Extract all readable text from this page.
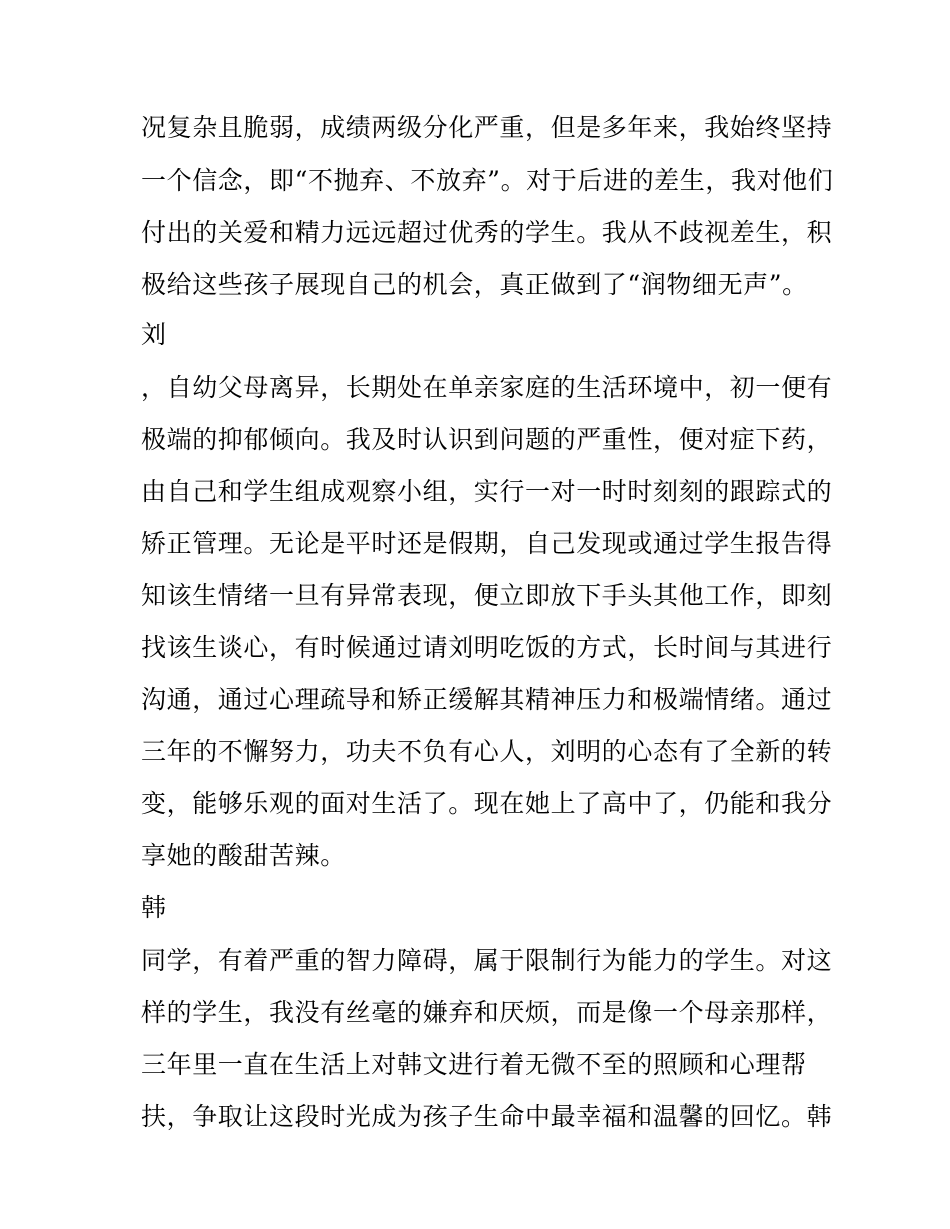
况复杂且脆弱，成绩两级分化严重，但是多年来，我始终坚持
一个信念，即“不抛弃、不放弃”。对于后进的差生，我对他们
付出的关爱和精力远远超过优秀的学生。我从不歧视差生，积
极给这些孩子展现自己的机会，真正做到了“润物细无声”。
刘
，自幼父母离异，长期处在单亲家庭的生活环境中，初一便有
极端的抑郁倾向。我及时认识到问题的严重性，便对症下药，
由自己和学生组成观察小组，实行一对一时时刻刻的跟踪式的
矫正管理。无论是平时还是假期，自己发现或通过学生报告得
知该生情绪一旦有异常表现，便立即放下手头其他工作，即刻
找该生谈心，有时候通过请刘明吃饭的方式，长时间与其进行
沟通，通过心理疏导和矫正缓解其精神压力和极端情绪。通过
三年的不懈努力，功夫不负有心人，刘明的心态有了全新的转
变，能够乐观的面对生活了。现在她上了高中了，仍能和我分
享她的酸甜苦辣。
韩
同学，有着严重的智力障碍，属于限制行为能力的学生。对这
样的学生，我没有丝毫的嫌弃和厌烦，而是像一个母亲那样，
三年里一直在生活上对韩文进行着无微不至的照顾和心理帮
扶，争取让这段时光成为孩子生命中最幸福和温馨的回忆。韩
